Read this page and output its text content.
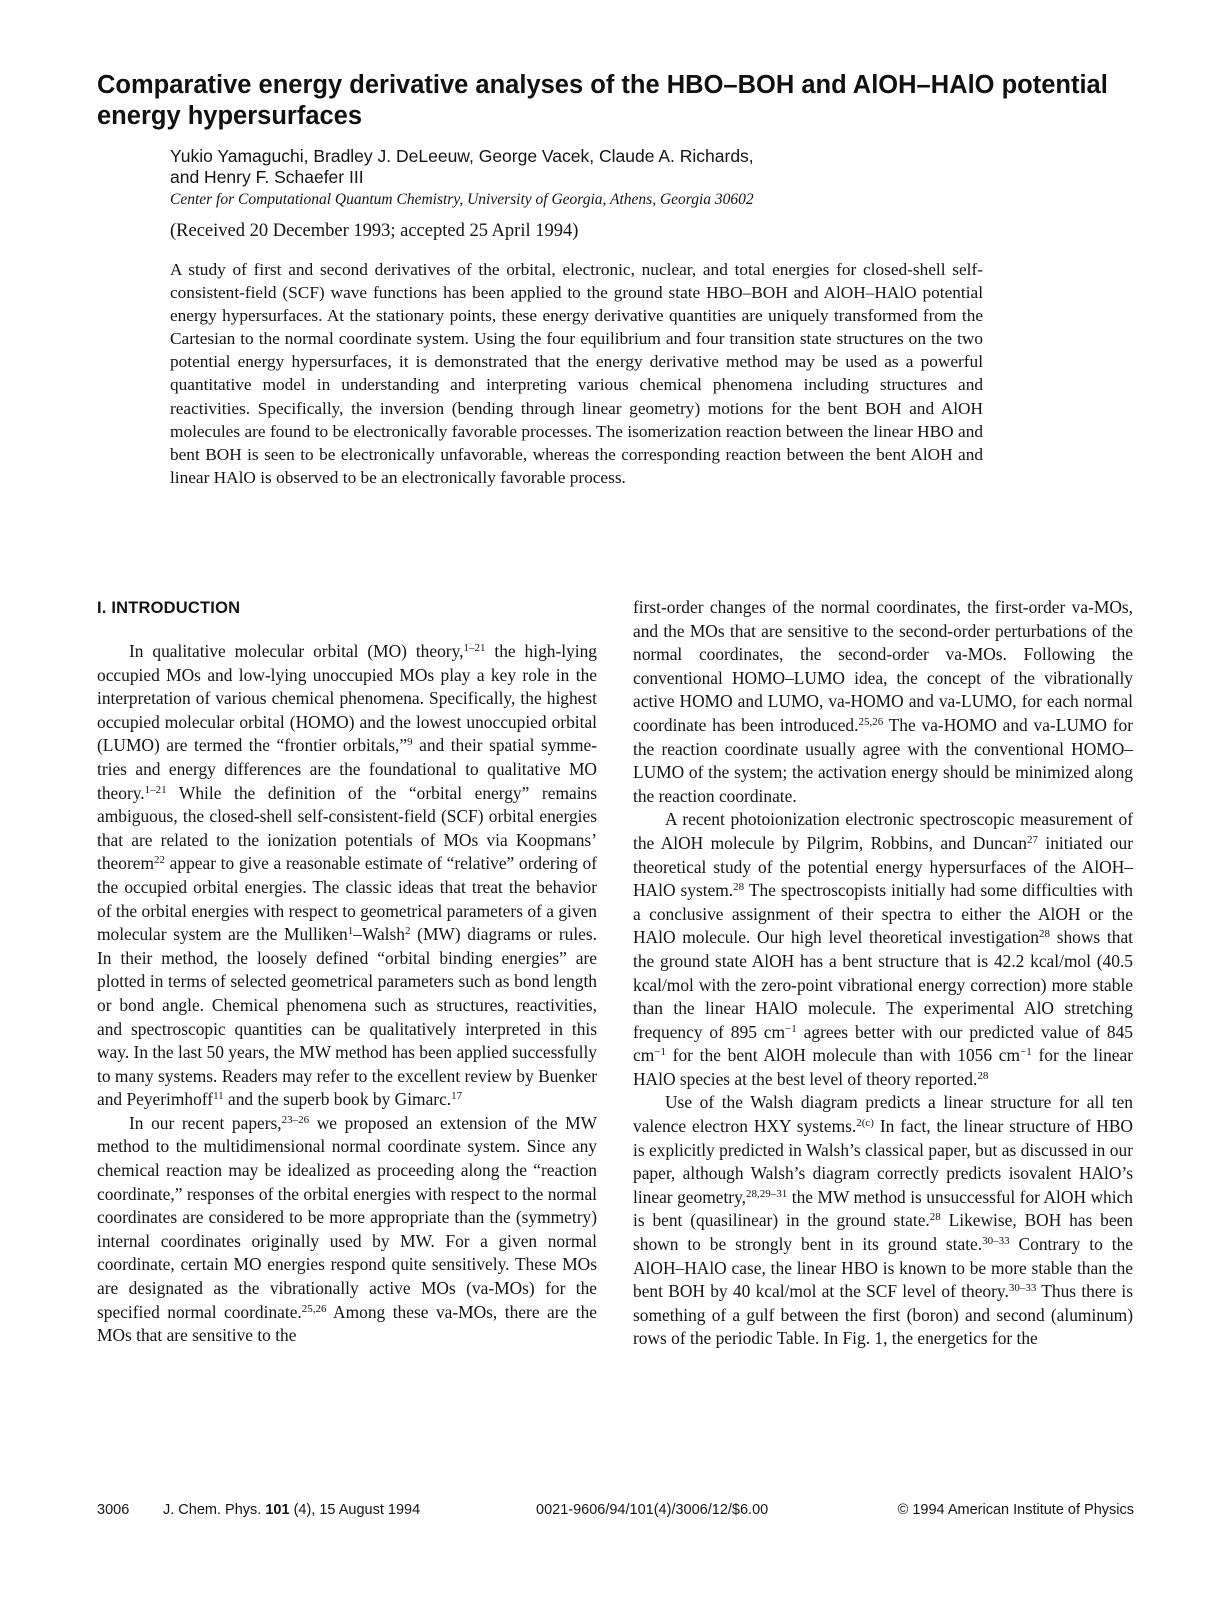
Comparative energy derivative analyses of the HBO–BOH and AlOH–HAlO potential energy hypersurfaces
Yukio Yamaguchi, Bradley J. DeLeeuw, George Vacek, Claude A. Richards,
and Henry F. Schaefer III
Center for Computational Quantum Chemistry, University of Georgia, Athens, Georgia 30602
(Received 20 December 1993; accepted 25 April 1994)

A study of first and second derivatives of the orbital, electronic, nuclear, and total energies for closed-shell self-consistent-field (SCF) wave functions has been applied to the ground state HBO–BOH and AlOH–HAlO potential energy hypersurfaces. At the stationary points, these energy derivative quantities are uniquely transformed from the Cartesian to the normal coordinate system. Using the four equilibrium and four transition state structures on the two potential energy hypersurfaces, it is demonstrated that the energy derivative method may be used as a powerful quantitative model in understanding and interpreting various chemical phenomena including structures and reactivities. Specifically, the inversion (bending through linear geometry) motions for the bent BOH and AlOH molecules are found to be electronically favorable processes. The isomerization reaction between the linear HBO and bent BOH is seen to be electronically unfavorable, whereas the corresponding reaction between the bent AlOH and linear HAlO is observed to be an electronically favorable process.

I. INTRODUCTION

In qualitative molecular orbital (MO) theory,$^{1-21}$ the high-lying occupied MOs and low-lying unoccupied MOs play a key role in the interpretation of various chemical phenomena. Specifically, the highest occupied molecular orbital (HOMO) and the lowest unoccupied orbital (LUMO) are termed the “frontier orbitals,”$^9$ and their spatial symmetries and energy differences are the foundational to qualitative MO theory.$^{1-21}$ While the definition of the “orbital energy” remains ambiguous, the closed-shell self-consistent-field (SCF) orbital energies that are related to the ionization potentials of MOs via Koopmans’ theorem$^{22}$ appear to give a reasonable estimate of “relative” ordering of the occupied orbital energies. The classic ideas that treat the behavior of the orbital energies with respect to geometrical parameters of a given molecular system are the Mulliken$^1$–Walsh$^2$ (MW) diagrams or rules. In their method, the loosely defined “orbital binding energies” are plotted in terms of selected geometrical parameters such as bond length or bond angle. Chemical phenomena such as structures, reactivities, and spectroscopic quantities can be qualitatively interpreted in this way. In the last 50 years, the MW method has been applied successfully to many systems. Readers may refer to the excellent review by Buenker and Peyerimhoff$^{11}$ and the superb book by Gimarc.$^{17}$

In our recent papers,$^{23-26}$ we proposed an extension of the MW method to the multidimensional normal coordinate system. Since any chemical reaction may be idealized as proceeding along the “reaction coordinate,” responses of the orbital energies with respect to the normal coordinates are considered to be more appropriate than the (symmetry) internal coordinates originally used by MW. For a given normal coordinate, certain MO energies respond quite sensitively. These MOs are designated as the vibrationally active MOs (va-MOs) for the specified normal coordinate.$^{25,26}$ Among these va-MOs, there are the MOs that are sensitive to the

first-order changes of the normal coordinates, the first-order va-MOs, and the MOs that are sensitive to the second-order perturbations of the normal coordinates, the second-order va-MOs. Following the conventional HOMO–LUMO idea, the concept of the vibrationally active HOMO and LUMO, va-HOMO and va-LUMO, for each normal coordinate has been introduced.$^{25,26}$ The va-HOMO and va-LUMO for the reaction coordinate usually agree with the conventional HOMO–LUMO of the system; the activation energy should be minimized along the reaction coordinate.

A recent photoionization electronic spectroscopic measurement of the AlOH molecule by Pilgrim, Robbins, and Duncan$^{27}$ initiated our theoretical study of the potential energy hypersurfaces of the AlOH–HAlO system.$^{28}$ The spectroscopists initially had some difficulties with a conclusive assignment of their spectra to either the AlOH or the HAlO molecule. Our high level theoretical investigation$^{28}$ shows that the ground state AlOH has a bent structure that is 42.2 kcal/mol (40.5 kcal/mol with the zero-point vibrational energy correction) more stable than the linear HAlO molecule. The experimental AlO stretching frequency of 895 $cm^{-1}$ agrees better with our predicted value of 845 $cm^{-1}$ for the bent AlOH molecule than with 1056 $cm^{-1}$ for the linear HAlO species at the best level of theory reported.$^{28}$

Use of the Walsh diagram predicts a linear structure for all ten valence electron HXY systems.$^{2(c)}$ In fact, the linear structure of HBO is explicitly predicted in Walsh’s classical paper, but as discussed in our paper, although Walsh’s diagram correctly predicts isovalent HAlO’s linear geometry,$^{28,29-31}$ the MW method is unsuccessful for AlOH which is bent (quasilinear) in the ground state.$^{28}$ Likewise, BOH has been shown to be strongly bent in its ground state.$^{30-33}$ Contrary to the AlOH–HAlO case, the linear HBO is known to be more stable than the bent BOH by 40 kcal/mol at the SCF level of theory.$^{30-33}$ Thus there is something of a gulf between the first (boron) and second (aluminum) rows of the periodic Table. In Fig. 1, the energetics for the

3006 J. Chem. Phys. 101 (4), 15 August 1994	0021-9606/94/101(4)/3006/12/$6.00	© 1994 American Institute of Physics
